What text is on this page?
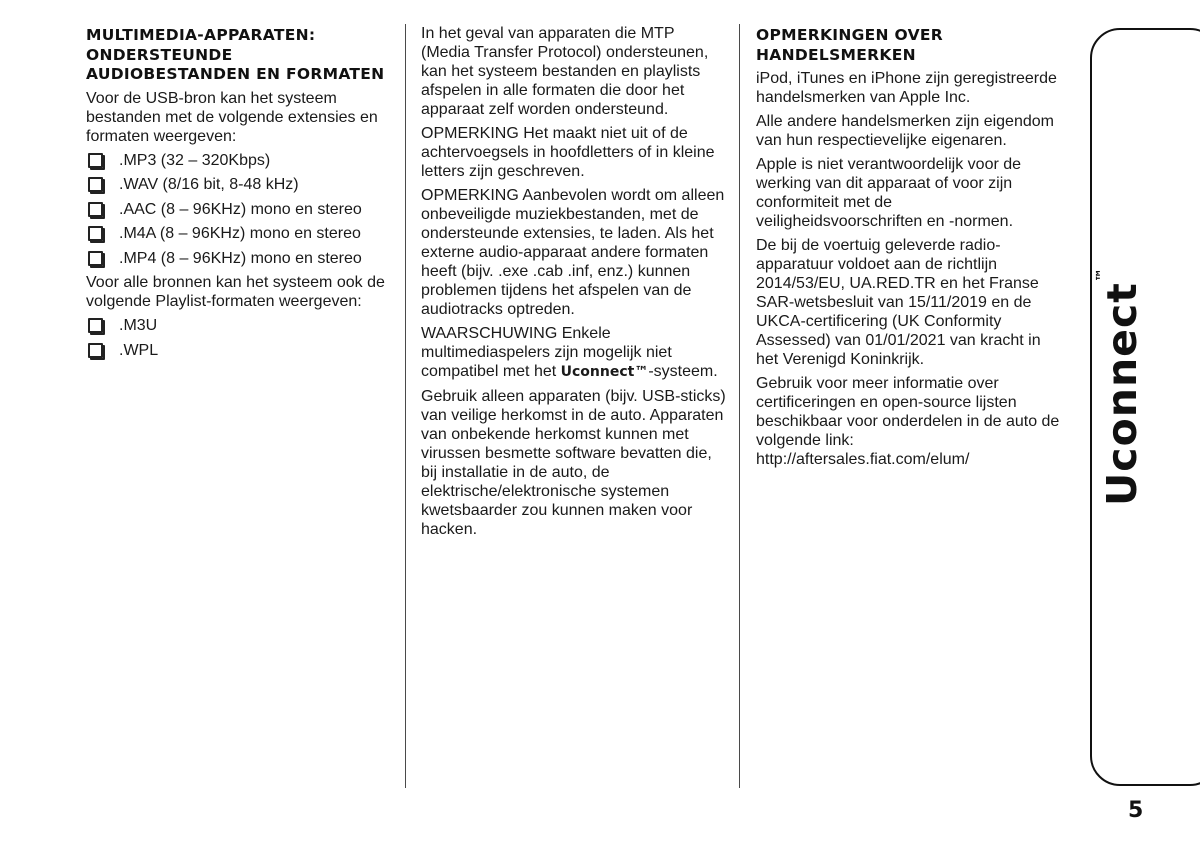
MULTIMEDIA-APPARATEN: ONDERSTEUNDE AUDIOBESTANDEN EN FORMATEN

Voor de USB-bron kan het systeem bestanden met de volgende extensies en formaten weergeven:

.MP3 (32 – 320Kbps)
.WAV (8/16 bit, 8-48 kHz)
.AAC (8 – 96KHz) mono en stereo
.M4A (8 – 96KHz) mono en stereo
.MP4 (8 – 96KHz) mono en stereo

Voor alle bronnen kan het systeem ook de volgende Playlist-formaten weergeven:

.M3U
.WPL

In het geval van apparaten die MTP (Media Transfer Protocol) ondersteunen, kan het systeem bestanden en playlists afspelen in alle formaten die door het apparaat zelf worden ondersteund.

OPMERKING Het maakt niet uit of de achtervoegsels in hoofdletters of in kleine letters zijn geschreven.

OPMERKING Aanbevolen wordt om alleen onbeveiligde muziekbestanden, met de ondersteunde extensies, te laden. Als het externe audio-apparaat andere formaten heeft (bijv. .exe .cab .inf, enz.) kunnen problemen tijdens het afspelen van de audiotracks optreden.

WAARSCHUWING Enkele multimediaspelers zijn mogelijk niet compatibel met het Uconnect™-systeem.

Gebruik alleen apparaten (bijv. USB-sticks) van veilige herkomst in de auto. Apparaten van onbekende herkomst kunnen met virussen besmette software bevatten die, bij installatie in de auto, de elektrische/elektronische systemen kwetsbaarder zou kunnen maken voor hacken.

OPMERKINGEN OVER HANDELSMERKEN

iPod, iTunes en iPhone zijn geregistreerde handelsmerken van Apple Inc.

Alle andere handelsmerken zijn eigendom van hun respectievelijke eigenaren.

Apple is niet verantwoordelijk voor de werking van dit apparaat of voor zijn conformiteit met de veiligheidsvoorschriften en -normen.

De bij de voertuig geleverde radio-apparatuur voldoet aan de richtlijn 2014/53/EU, UA.RED.TR en het Franse SAR-wetsbesluit van 15/11/2019 en de UKCA-certificering (UK Conformity Assessed) van 01/01/2021 van kracht in het Verenigd Koninkrijk.

Gebruik voor meer informatie over certificeringen en open-source lijsten beschikbaar voor onderdelen in de auto de volgende link: http://aftersales.fiat.com/elum/	Uconnect™
5
